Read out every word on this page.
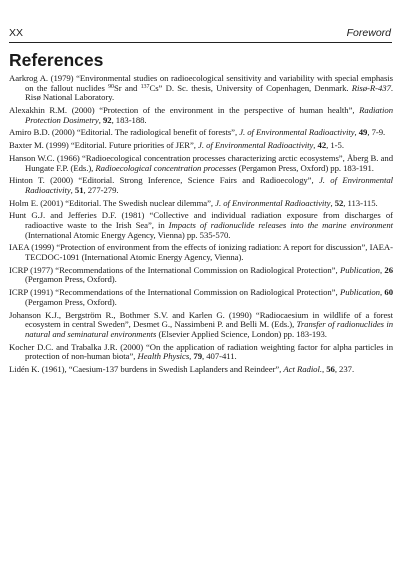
XX	Foreword
References

Aarkrog A. (1979) “Environmental studies on radioecological sensitivity and variability with special emphasis on the fallout nuclides $^{90}$Sr and $^{137}$Cs” D. Sc. thesis, University of Copenhagen, Denmark. Risø-R-437. Risø National Laboratory.

Alexakhin R.M. (2000) “Protection of the environment in the perspective of human health”, Radiation Protection Dosimetry, 92, 183-188.

Amiro B.D. (2000) “Editorial. The radiological benefit of forests”, J. of Environmental Radioactivity, 49, 7-9.

Baxter M. (1999) “Editorial. Future priorities of JER”, J. of Environmental Radioactivity, 42, 1-5.

Hanson W.C. (1966) “Radioecological concentration processes characterizing arctic ecosystems”, Åberg B. and Hungate F.P. (Eds.), Radioecological concentration processes (Pergamon Press, Oxford) pp. 183-191.

Hinton T. (2000) “Editorial. Strong Inference, Science Fairs and Radioecology”, J. of Environmental Radioactivity, 51, 277-279.

Holm E. (2001) “Editorial. The Swedish nuclear dilemma”, J. of Environmental Radioactivity, 52, 113-115.

Hunt G.J. and Jefferies D.F. (1981) “Collective and individual radiation exposure from discharges of radioactive waste to the Irish Sea”, in Impacts of radionuclide releases into the marine environment (International Atomic Energy Agency, Vienna) pp. 535-570.

IAEA (1999) “Protection of environment from the effects of ionizing radiation: A report for discussion”, IAEA-TECDOC-1091 (International Atomic Energy Agency, Vienna).

ICRP (1977) “Recommendations of the International Commission on Radiological Protection”, Publication, 26 (Pergamon Press, Oxford).

ICRP (1991) “Recommendations of the International Commission on Radiological Protection”, Publication, 60 (Pergamon Press, Oxford).

Johanson K.J., Bergström R., Bothmer S.V. and Karlen G. (1990) “Radiocaesium in wildlife of a forest ecosystem in central Sweden”, Desmet G., Nassimbeni P. and Belli M. (Eds.), Transfer of radionuclides in natural and seminatural environments (Elsevier Applied Science, London) pp. 183-193.

Kocher D.C. and Trabalka J.R. (2000) “On the application of radiation weighting factor for alpha particles in protection of non-human biota”, Health Physics, 79, 407-411.

Lidén K. (1961), “Caesium-137 burdens in Swedish Laplanders and Reindeer”, Act Radiol., 56, 237.
